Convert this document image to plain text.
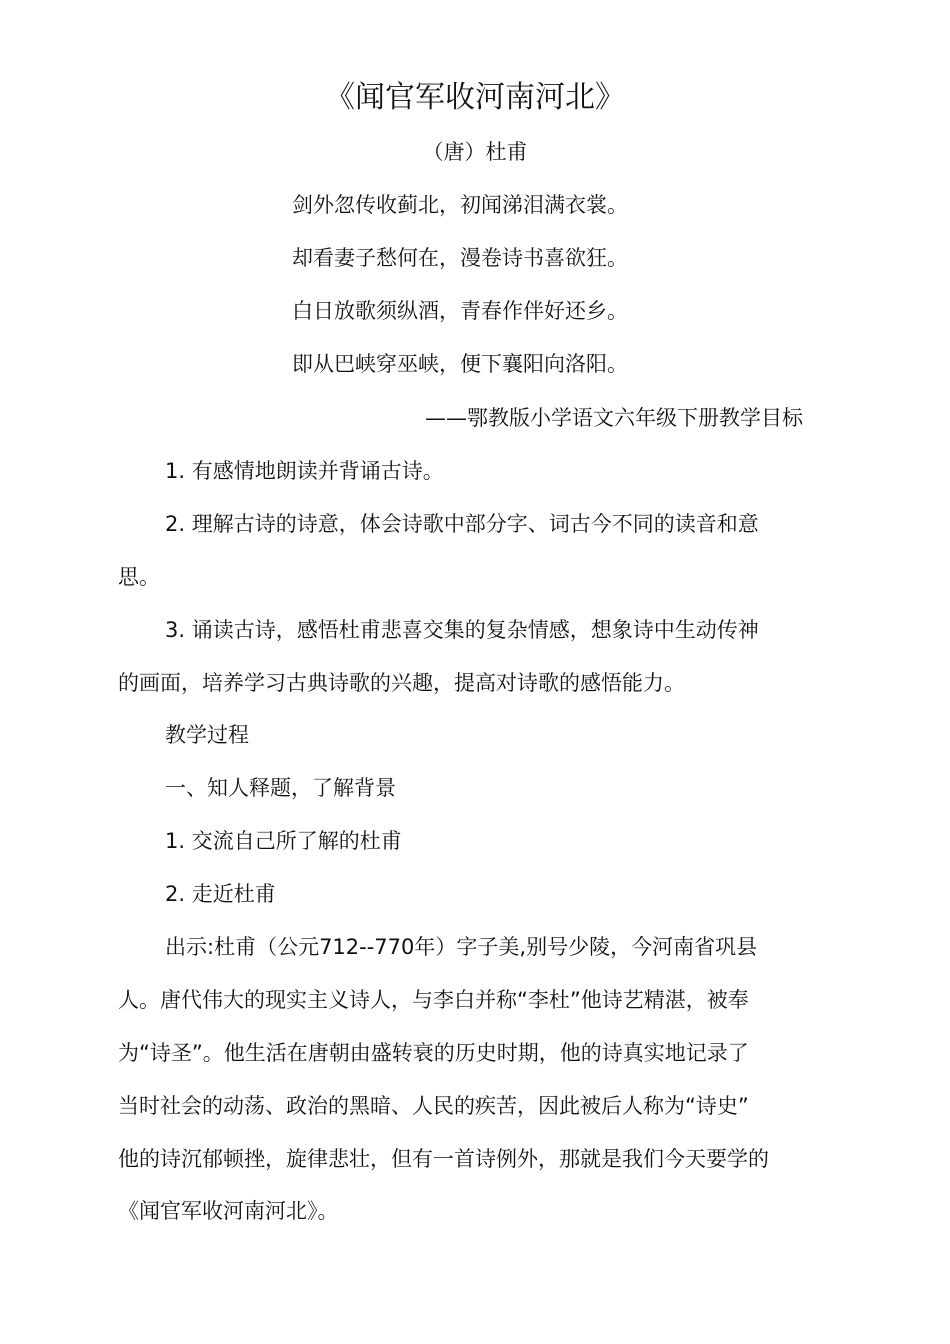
《闻官军收河南河北》
（唐）杜甫
剑外忽传收蓟北，初闻涕泪满衣裳。
却看妻子愁何在，漫卷诗书喜欲狂。
白日放歌须纵酒，青春作伴好还乡。
即从巴峡穿巫峡，便下襄阳向洛阳。
——鄂教版小学语文六年级下册教学目标
1. 有感情地朗读并背诵古诗。
2. 理解古诗的诗意，体会诗歌中部分字、词古今不同的读音和意
思。
3. 诵读古诗，感悟杜甫悲喜交集的复杂情感，想象诗中生动传神
的画面，培养学习古典诗歌的兴趣，提高对诗歌的感悟能力。
教学过程
一、知人释题，了解背景
1. 交流自己所了解的杜甫
2. 走近杜甫
出示:杜甫（公元712--770年）字子美,别号少陵，今河南省巩县
人。唐代伟大的现实主义诗人，与李白并称“李杜”他诗艺精湛，被奉
为“诗圣”。他生活在唐朝由盛转衰的历史时期，他的诗真实地记录了
当时社会的动荡、政治的黑暗、人民的疾苦，因此被后人称为“诗史”
他的诗沉郁顿挫，旋律悲壮，但有一首诗例外，那就是我们今天要学的
《闻官军收河南河北》。
